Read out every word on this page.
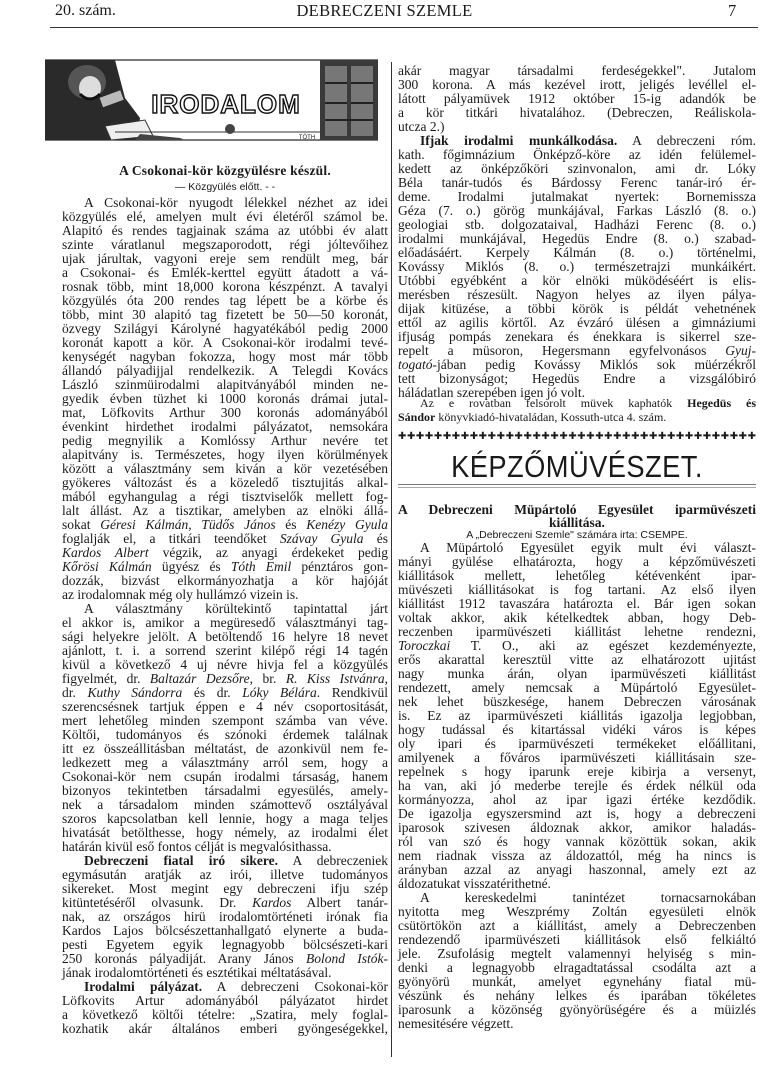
20. szám.	DEBRECZENI SZEMLE	7
IRODALOM
TÓTH
A Csokonai-kör közgyülésre készül.
— Közgyülés előtt. - -
A Csokonai-kör nyugodt lélekkel nézhet az idei
közgyülés elé, amelyen mult évi életéről számol be.
Alapitó és rendes tagjainak száma az utóbbi év alatt
szinte váratlanul megszaporodott, régi jóltevőihez
ujak járultak, vagyoni ereje sem rendült meg, bár
a Csokonai- és Emlék-kerttel együtt átadott a vá-
rosnak több, mint 18,000 korona készpénzt. A tavalyi
közgyülés óta 200 rendes tag lépett be a körbe és
több, mint 30 alapitó tag fizetett be 50—50 koronát,
özvegy Szilágyi Károlyné hagyatékából pedig 2000
koronát kapott a kör. A Csokonai-kör irodalmi tevé-
kenységét nagyban fokozza, hogy most már több
állandó pályadijjal rendelkezik. A Telegdi Kovács
László szinmüirodalmi alapitványából minden ne-
gyedik évben tüzhet ki 1000 koronás drámai jutal-
mat, Löfkovits Arthur 300 koronás adományából
évenkint hirdethet irodalmi pályázatot, nemsokára
pedig megnyilik a Komlóssy Arthur nevére tet
alapitvány is. Természetes, hogy ilyen körülmények
között a választmány sem kiván a kör vezetésében
gyökeres változást és a közeledő tisztujitás alkal-
mából egyhangulag a régi tisztviselők mellett fog-
lalt állást. Az a tisztikar, amelyben az elnöki állá-
sokat Géresi Kálmán, Tüdős János és Kenézy Gyula
foglalják el, a titkári teendőket Szávay Gyula és
Kardos Albert végzik, az anyagi érdekeket pedig
Kőrösi Kálmán ügyész és Tóth Emil pénztáros gon-
dozzák, bizvást elkormányozhatja a kör hajóját
az irodalomnak még oly hullámzó vizein is.
A választmány körültekintő tapintattal járt
el akkor is, amikor a megüresedő választmányi tag-
sági helyekre jelölt. A betöltendő 16 helyre 18 nevet
ajánlott, t. i. a sorrend szerint kilépő régi 14 tagén
kivül a következő 4 uj névre hivja fel a közgyülés
figyelmét, dr. Baltazár Dezsőre, br. R. Kiss Istvánra,
dr. Kuthy Sándorra és dr. Lóky Bélára. Rendkivül
szerencsésnek tartjuk éppen e 4 név csoportositását,
mert lehetőleg minden szempont számba van véve.
Költői, tudományos és szónoki érdemek találnak
itt ez összeállitásban méltatást, de azonkivül nem fe-
ledkezett meg a választmány arról sem, hogy a
Csokonai-kör nem csupán irodalmi társaság, hanem
bizonyos tekintetben társadalmi egyesülés, amely-
nek a társadalom minden számottevő osztályával
szoros kapcsolatban kell lennie, hogy a maga teljes
hivatását betölthesse, hogy némely, az irodalmi élet
határán kivül eső fontos célját is megvalósithassa.
Debreczeni fiatal iró sikere. A debreczeniek
egymásután aratják az irói, illetve tudományos
sikereket. Most megint egy debreczeni ifju szép
kitüntetéséről olvasunk. Dr. Kardos Albert tanár-
nak, az országos hirü irodalomtörténeti irónak fia
Kardos Lajos bölcsészettanhallgató elynerte a buda-
pesti Egyetem egyik legnagyobb bölcsészeti-kari
250 koronás pályadiját. Arany János Bolond Istók-
jának irodalomtörténeti és esztétikai méltatásával.
Irodalmi pályázat. A debreczeni Csokonai-kör
Löfkovits Artur adományából pályázatot hirdet
a következő költői tételre: „Szatira, mely foglal-
kozhatik akár általános emberi gyöngeségekkel,
akár magyar társadalmi ferdeségekkel". Jutalom
300 korona. A más kezével irott, jeligés levéllel el-
látott pályamüvek 1912 október 15-ig adandók be
a kör titkári hivatalához. (Debreczen, Reáliskola-
utcza 2.)
Ifjak irodalmi munkálkodása. A debreczeni róm.
kath. főgimnázium Önképző-köre az idén felülemel-
kedett az önképzőköri szinvonalon, ami dr. Lóky
Béla tanár-tudós és Bárdossy Ferenc tanár-iró ér-
deme. Irodalmi jutalmakat nyertek: Bornemissza
Géza (7. o.) görög munkájával, Farkas László (8. o.)
geologiai stb. dolgozataival, Hadházi Ferenc (8. o.)
irodalmi munkájával, Hegedüs Endre (8. o.) szabad-
előadásáért. Kerpely Kálmán (8. o.) történelmi,
Kovássy Miklós (8. o.) természetrajzi munkáikért.
Utóbbi egyébként a kör elnöki müködéséért is elis-
merésben részesült. Nagyon helyes az ilyen pálya-
dijak kitüzése, a többi körök is példát vehetnének
ettől az agilis körtől. Az évzáró ülésen a gimnáziumi
ifjuság pompás zenekara és énekkara is sikerrel sze-
repelt a müsoron, Hegersmann egyfelvonásos Gyuj-
togató-jában pedig Kovássy Miklós sok müérzékről
tett bizonyságot; Hegedüs Endre a vizsgálóbiró
háládatlan szerepében igen jó volt.
Az e rovatban felsorolt müvek kaphatók Hegedüs és
Sándor könyvkiadó-hivataládan, Kossuth-utca 4. szám.
✚✚✚✚✚✚✚✚✚✚✚✚✚✚✚✚✚✚✚✚✚✚✚✚✚✚✚✚✚✚✚✚✚✚✚✚✚✚✚✚
KÉPZŐMÜVÉSZET.
A Debreczeni Müpártoló Egyesület iparmüvészeti
kiállitása.
A „Debreczeni Szemle" számára irta: CSEMPE.
A Müpártoló Egyesület egyik mult évi választ-
mányi gyülése elhatározta, hogy a képzőmüvészeti
kiállitások mellett, lehetőleg kétévenként ipar-
müvészeti kiállitásokat is fog tartani. Az első ilyen
kiállitást 1912 tavaszára határozta el. Bár igen sokan
voltak akkor, akik kételkedtek abban, hogy Deb-
reczenben iparmüvészeti kiállitást lehetne rendezni,
Toroczkai T. O., aki az egészet kezdeményezte,
erős akarattal keresztül vitte az elhatározott ujitást
nagy munka árán, olyan iparmüvészeti kiállitást
rendezett, amely nemcsak a Müpártoló Egyesület-
nek lehet büszkesége, hanem Debreczen városának
is. Ez az iparmüvészeti kiállitás igazolja legjobban,
hogy tudással és kitartással vidéki város is képes
oly ipari és iparmüvészeti termékeket előállitani,
amilyenek a főváros iparmüvészeti kiállitásain sze-
repelnek s hogy iparunk ereje kibirja a versenyt,
ha van, aki jó mederbe terejle és érdek nélkül oda
kormányozza, ahol az ipar igazi értéke kezdődik.
De igazolja egyszersmind azt is, hogy a debreczeni
iparosok szivesen áldoznak akkor, amikor haladás-
ról van szó és hogy vannak közöttük sokan, akik
nem riadnak vissza az áldozattól, még ha nincs is
arányban azzal az anyagi haszonnal, amely ezt az
áldozatukat visszatérithetné.
A kereskedelmi tanintézet tornacsarnokában
nyitotta meg Weszprémy Zoltán egyesületi elnök
csütörtökön azt a kiállitást, amely a Debreczenben
rendezendő iparmüvészeti kiállitások első felkiáltó
jele. Zsufolásig megtelt valamennyi helyiség s min-
denki a legnagyobb elragadtatással csodálta azt a
gyönyörü munkát, amelyet egynehány fiatal mü-
vészünk és nehány lelkes és iparában tökéletes
iparosunk a közönség gyönyörüségére és a müizlés
nemesitésére végzett.
